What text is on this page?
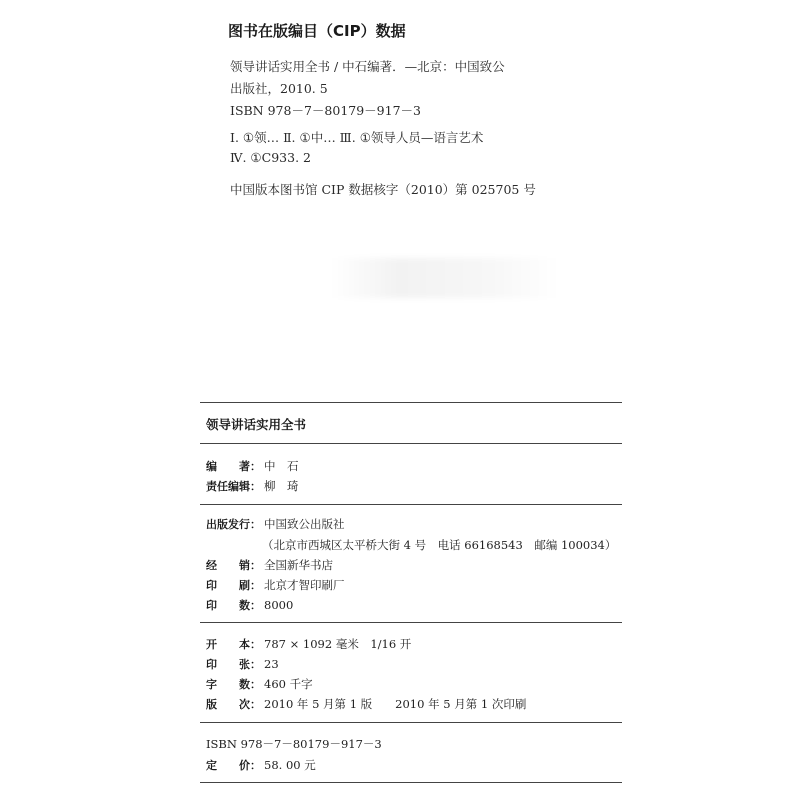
图书在版编目（CIP）数据
领导讲话实用全书 / 中石编著．—北京：中国致公
出版社，2010. 5
ISBN 978－7－80179－917－3
Ⅰ. ①领… Ⅱ. ①中… Ⅲ. ①领导人员—语言艺术
Ⅳ. ①C933. 2
中国版本图书馆 CIP 数据核字（2010）第 025705 号
领导讲话实用全书
编　　著： 中　石
责任编辑： 柳　琦
出版发行： 中国致公出版社
（北京市西城区太平桥大街 4 号　电话 66168543　邮编 100034）
经　　销： 全国新华书店
印　　刷： 北京才智印刷厂
印　　数： 8000
开　　本： 787 × 1092 毫米　1/16 开
印　　张： 23
字　　数： 460 千字
版　　次： 2010 年 5 月第 1 版　　2010 年 5 月第 1 次印刷
ISBN 978－7－80179－917－3
定　　价： 58. 00 元
